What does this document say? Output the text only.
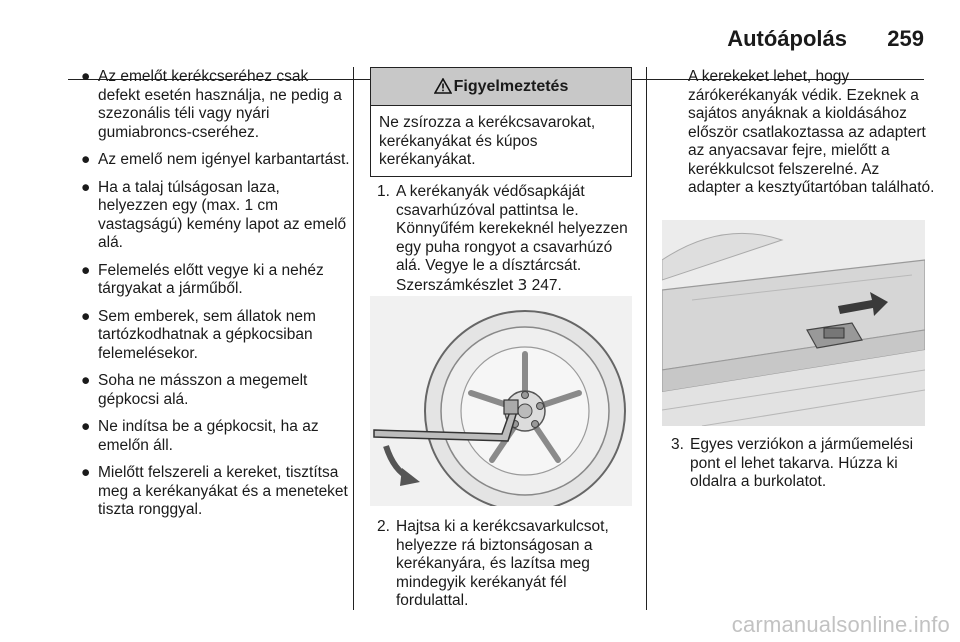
Autóápolás 259
● Az emelőt kerékcseréhez csak defekt esetén használja, ne pedig a szezonális téli vagy nyári gumiabroncs-cseréhez.
● Az emelő nem igényel karbantartást.
● Ha a talaj túlságosan laza, helyezzen egy (max. 1 cm vastagságú) kemény lapot az emelő alá.
● Felemelés előtt vegye ki a nehéz tárgyakat a járműből.
● Sem emberek, sem állatok nem tartózkodhatnak a gépkocsiban felemelésekor.
● Soha ne másszon a megemelt gépkocsi alá.
● Ne indítsa be a gépkocsit, ha az emelőn áll.
● Mielőtt felszereli a kereket, tisztítsa meg a kerékanyákat és a meneteket tiszta ronggyal.
Figyelmeztetés
Ne zsírozza a kerékcsavarokat, kerékanyákat és kúpos kerékanyákat.
1. A kerékanyák védősapkáját csavarhúzóval pattintsa le. Könnyűfém kerekeknél helyezzen egy puha rongyot a csavarhúzó alá. Vegye le a dísztárcsát. Szerszámkészlet 3 247.
2. Hajtsa ki a kerékcsavarkulcsot, helyezze rá biztonságosan a kerékanyára, és lazítsa meg mindegyik kerékanyát fél fordulattal.
A kerekeket lehet, hogy zárókerékanyák védik. Ezeknek a sajátos anyáknak a kioldásához először csatlakoztassa az adaptert az anyacsavar fejre, mielőtt a kerékkulcsot felszerelné. Az adapter a kesztyűtartóban található.
3. Egyes verziókon a járműemelési pont el lehet takarva. Húzza ki oldalra a burkolatot.
carmanualsonline.info
